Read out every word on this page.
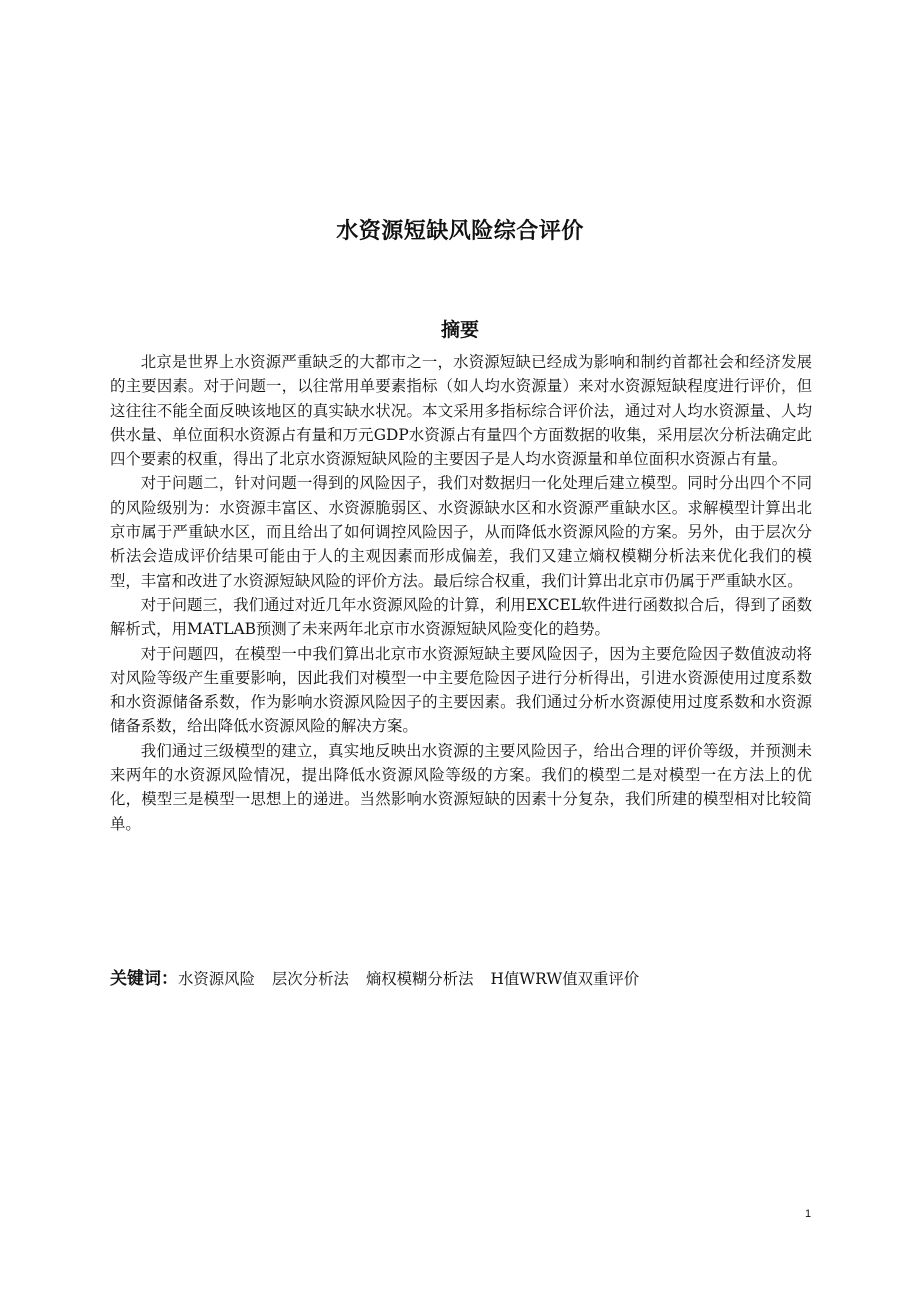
水资源短缺风险综合评价
摘要

北京是世界上水资源严重缺乏的大都市之一，水资源短缺已经成为影响和制约首都社会和经济发展的主要因素。对于问题一，以往常用单要素指标（如人均水资源量）来对水资源短缺程度进行评价，但这往往不能全面反映该地区的真实缺水状况。本文采用多指标综合评价法，通过对人均水资源量、人均供水量、单位面积水资源占有量和万元GDP水资源占有量四个方面数据的收集，采用层次分析法确定此四个要素的权重，得出了北京水资源短缺风险的主要因子是人均水资源量和单位面积水资源占有量。

对于问题二，针对问题一得到的风险因子，我们对数据归一化处理后建立模型。同时分出四个不同的风险级别为：水资源丰富区、水资源脆弱区、水资源缺水区和水资源严重缺水区。求解模型计算出北京市属于严重缺水区，而且给出了如何调控风险因子，从而降低水资源风险的方案。另外，由于层次分析法会造成评价结果可能由于人的主观因素而形成偏差，我们又建立熵权模糊分析法来优化我们的模型，丰富和改进了水资源短缺风险的评价方法。最后综合权重，我们计算出北京市仍属于严重缺水区。

对于问题三，我们通过对近几年水资源风险的计算，利用EXCEL软件进行函数拟合后，得到了函数解析式，用MATLAB预测了未来两年北京市水资源短缺风险变化的趋势。

对于问题四，在模型一中我们算出北京市水资源短缺主要风险因子，因为主要危险因子数值波动将对风险等级产生重要影响，因此我们对模型一中主要危险因子进行分析得出，引进水资源使用过度系数和水资源储备系数，作为影响水资源风险因子的主要因素。我们通过分析水资源使用过度系数和水资源储备系数，给出降低水资源风险的解决方案。

我们通过三级模型的建立，真实地反映出水资源的主要风险因子，给出合理的评价等级，并预测未来两年的水资源风险情况，提出降低水资源风险等级的方案。我们的模型二是对模型一在方法上的优化，模型三是模型一思想上的递进。当然影响水资源短缺的因素十分复杂，我们所建的模型相对比较简单。

关键词：水资源风险 层次分析法 熵权模糊分析法 H值WRW值双重评价
1
